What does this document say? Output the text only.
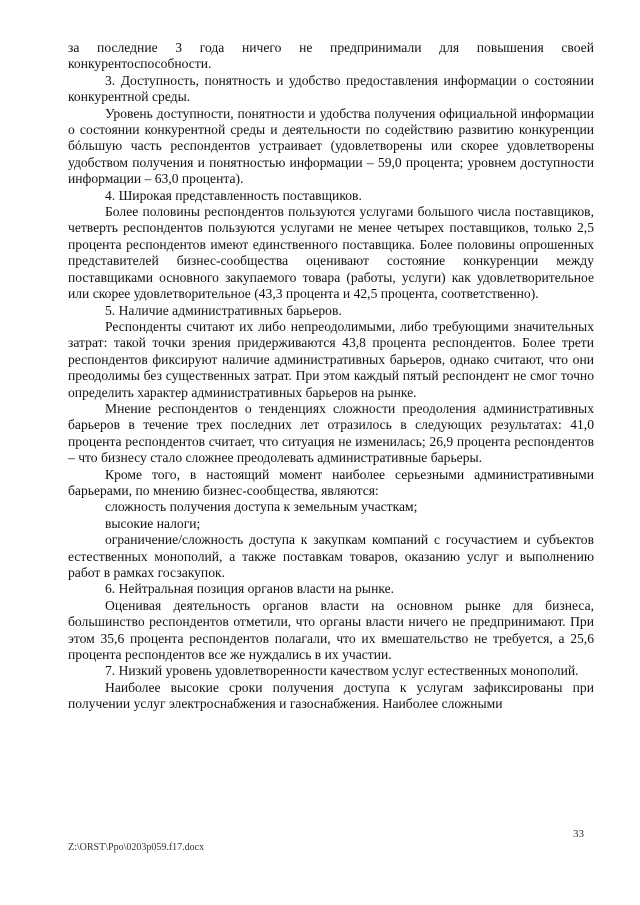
за последние 3 года ничего не предпринимали для повышения своей конкурентоспособности.

3. Доступность, понятность и удобство предоставления информации о состоянии конкурентной среды.

Уровень доступности, понятности и удобства получения официальной информации о состоянии конкурентной среды и деятельности по содействию развитию конкуренции бóльшую часть респондентов устраивает (удовлетворены или скорее удовлетворены удобством получения и понятностью информации – 59,0 процента; уровнем доступности информации – 63,0 процента).

4. Широкая представленность поставщиков.

Более половины респондентов пользуются услугами большого числа поставщиков, четверть респондентов пользуются услугами не менее четырех поставщиков, только 2,5 процента респондентов имеют единственного поставщика. Более половины опрошенных представителей бизнес-сообщества оценивают состояние конкуренции между поставщиками основного закупаемого товара (работы, услуги) как удовлетворительное или скорее удовлетворительное (43,3 процента и 42,5 процента, соответственно).

5. Наличие административных барьеров.

Респонденты считают их либо непреодолимыми, либо требующими значительных затрат: такой точки зрения придерживаются 43,8 процента респондентов. Более трети респондентов фиксируют наличие административных барьеров, однако считают, что они преодолимы без существенных затрат. При этом каждый пятый респондент не смог точно определить характер административных барьеров на рынке.

Мнение респондентов о тенденциях сложности преодоления административных барьеров в течение трех последних лет отразилось в следующих результатах: 41,0 процента респондентов считает, что ситуация не изменилась; 26,9 процента респондентов – что бизнесу стало сложнее преодолевать административные барьеры.

Кроме того, в настоящий момент наиболее серьезными административными барьерами, по мнению бизнес-сообщества, являются:

сложность получения доступа к земельным участкам;

высокие налоги;

ограничение/сложность доступа к закупкам компаний с госучастием и субъектов естественных монополий, а также поставкам товаров, оказанию услуг и выполнению работ в рамках госзакупок.

6. Нейтральная позиция органов власти на рынке.

Оценивая деятельность органов власти на основном рынке для бизнеса, большинство респондентов отметили, что органы власти ничего не предпринимают. При этом 35,6 процента респондентов полагали, что их вмешательство не требуется, а 25,6 процента респондентов все же нуждались в их участии.

7. Низкий уровень удовлетворенности качеством услуг естественных монополий.

Наиболее высокие сроки получения доступа к услугам зафиксированы при получении услуг электроснабжения и газоснабжения. Наиболее сложными

33
Z:\ORST\Ppo\0203p059.f17.docx
